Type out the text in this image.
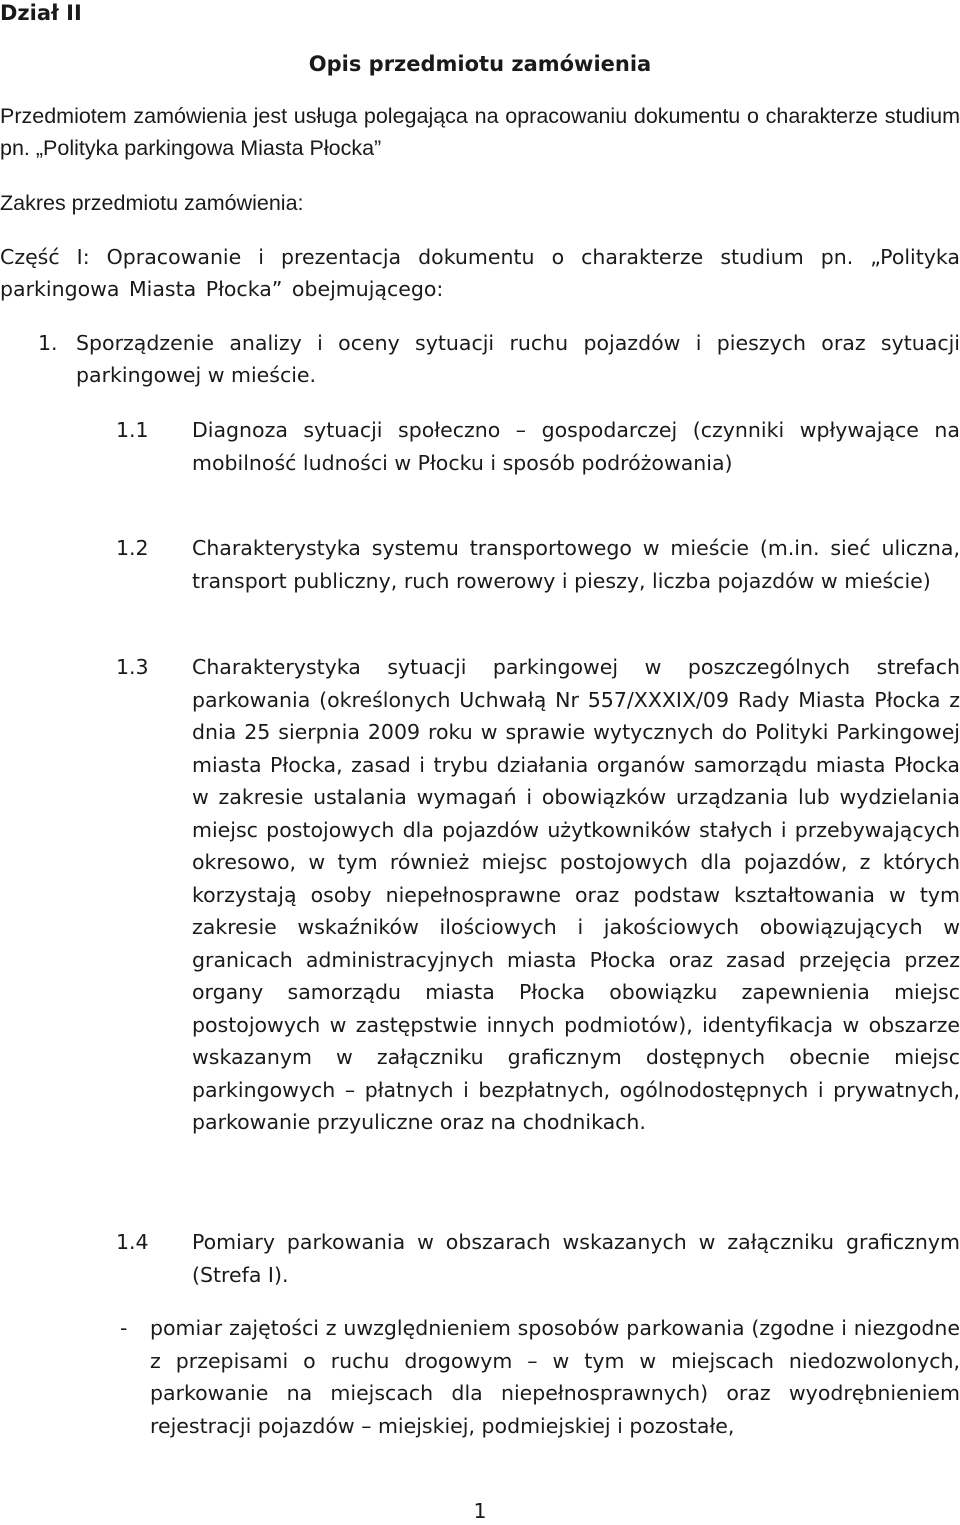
Dział II
Opis przedmiotu zamówienia
Przedmiotem zamówienia jest usługa polegająca na opracowaniu dokumentu o charakterze studium pn. „Polityka parkingowa Miasta Płocka”
Zakres przedmiotu zamówienia:
Część I: Opracowanie i prezentacja dokumentu o charakterze studium pn. „Polityka parkingowa Miasta Płocka” obejmującego:
1. Sporządzenie analizy i oceny sytuacji ruchu pojazdów i pieszych oraz sytuacji parkingowej w mieście.
1.1	Diagnoza sytuacji społeczno – gospodarczej (czynniki wpływające na mobilność ludności w Płocku i sposób podróżowania)
1.2	Charakterystyka systemu transportowego w mieście (m.in. sieć uliczna, transport publiczny, ruch rowerowy i pieszy, liczba pojazdów w mieście)
1.3	Charakterystyka sytuacji parkingowej w poszczególnych strefach parkowania (określonych Uchwałą Nr 557/XXXIX/09 Rady Miasta Płocka z dnia 25 sierpnia 2009 roku w sprawie wytycznych do Polityki Parkingowej miasta Płocka, zasad i trybu działania organów samorządu miasta Płocka w zakresie ustalania wymagań i obowiązków urządzania lub wydzielania miejsc postojowych dla pojazdów użytkowników stałych i przebywających okresowo, w tym również miejsc postojowych dla pojazdów, z których korzystają osoby niepełnosprawne oraz podstaw kształtowania w tym zakresie wskaźników ilościowych i jakościowych obowiązujących w granicach administracyjnych miasta Płocka oraz zasad przejęcia przez organy samorządu miasta Płocka obowiązku zapewnienia miejsc postojowych w zastępstwie innych podmiotów), identyfikacja w obszarze wskazanym w załączniku graficznym dostępnych obecnie miejsc parkingowych – płatnych i bezpłatnych, ogólnodostępnych i prywatnych, parkowanie przyuliczne oraz na chodnikach.
1.4	Pomiary parkowania w obszarach wskazanych w załączniku graficznym (Strefa I).
-	pomiar zajętości z uwzględnieniem sposobów parkowania (zgodne i niezgodne z przepisami o ruchu drogowym – w tym w miejscach niedozwolonych, parkowanie na miejscach dla niepełnosprawnych) oraz wyodrębnieniem rejestracji pojazdów – miejskiej, podmiejskiej i pozostałe,
1
